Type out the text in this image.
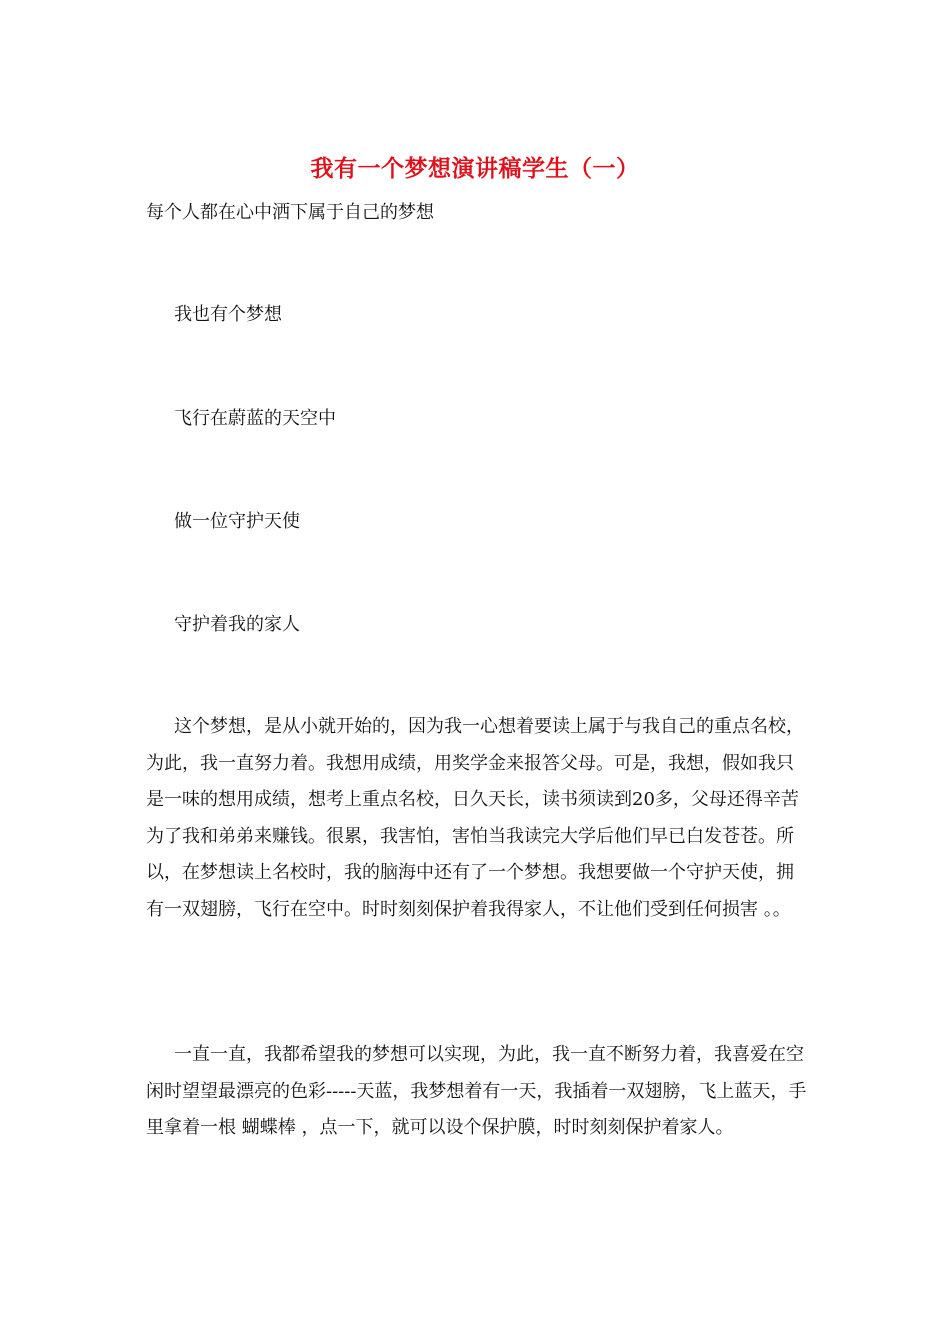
我有一个梦想演讲稿学生（一）
每个人都在心中洒下属于自己的梦想
我也有个梦想
飞行在蔚蓝的天空中
做一位守护天使
守护着我的家人
这个梦想，是从小就开始的，因为我一心想着要读上属于与我自己的重点名校，为此，我一直努力着。我想用成绩，用奖学金来报答父母。可是，我想，假如我只是一味的想用成绩，想考上重点名校，日久天长，读书须读到20多，父母还得辛苦为了我和弟弟来赚钱。很累，我害怕，害怕当我读完大学后他们早已白发苍苍。所以，在梦想读上名校时，我的脑海中还有了一个梦想。我想要做一个守护天使，拥有一双翅膀，飞行在空中。时时刻刻保护着我得家人，不让他们受到任何损害 。。
一直一直，我都希望我的梦想可以实现，为此，我一直不断努力着，我喜爱在空闲时望望最漂亮的色彩-----天蓝，我梦想着有一天，我插着一双翅膀，飞上蓝天，手里拿着一根 蝴蝶棒 ，点一下，就可以设个保护膜，时时刻刻保护着家人。
